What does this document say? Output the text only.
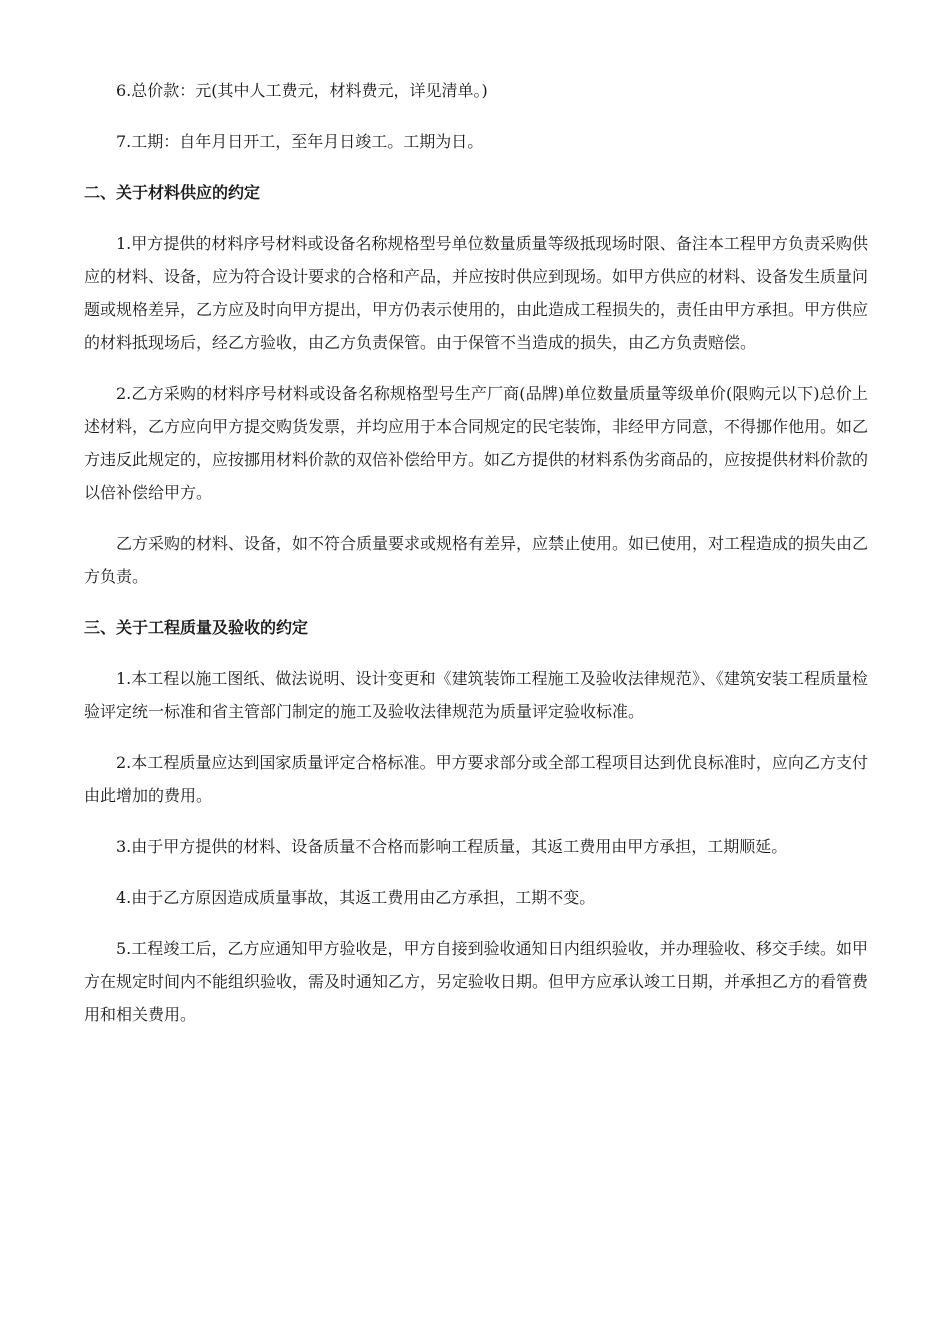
6.总价款：元(其中人工费元，材料费元，详见清单。)

7.工期：自年月日开工，至年月日竣工。工期为日。

二、关于材料供应的约定

1.甲方提供的材料序号材料或设备名称规格型号单位数量质量等级抵现场时限、备注本工程甲方负责采购供应的材料、设备，应为符合设计要求的合格和产品，并应按时供应到现场。如甲方供应的材料、设备发生质量问题或规格差异，乙方应及时向甲方提出，甲方仍表示使用的，由此造成工程损失的，责任由甲方承担。甲方供应的材料抵现场后，经乙方验收，由乙方负责保管。由于保管不当造成的损失，由乙方负责赔偿。

2.乙方采购的材料序号材料或设备名称规格型号生产厂商(品牌)单位数量质量等级单价(限购元以下)总价上述材料，乙方应向甲方提交购货发票，并均应用于本合同规定的民宅装饰，非经甲方同意，不得挪作他用。如乙方违反此规定的，应按挪用材料价款的双倍补偿给甲方。如乙方提供的材料系伪劣商品的，应按提供材料价款的以倍补偿给甲方。

乙方采购的材料、设备，如不符合质量要求或规格有差异，应禁止使用。如已使用，对工程造成的损失由乙方负责。

三、关于工程质量及验收的约定

1.本工程以施工图纸、做法说明、设计变更和《建筑装饰工程施工及验收法律规范》、《建筑安装工程质量检验评定统一标准和省主管部门制定的施工及验收法律规范为质量评定验收标准。

2.本工程质量应达到国家质量评定合格标准。甲方要求部分或全部工程项目达到优良标准时，应向乙方支付由此增加的费用。

3.由于甲方提供的材料、设备质量不合格而影响工程质量，其返工费用由甲方承担，工期顺延。

4.由于乙方原因造成质量事故，其返工费用由乙方承担，工期不变。

5.工程竣工后，乙方应通知甲方验收是，甲方自接到验收通知日内组织验收，并办理验收、移交手续。如甲方在规定时间内不能组织验收，需及时通知乙方，另定验收日期。但甲方应承认竣工日期，并承担乙方的看管费用和相关费用。
